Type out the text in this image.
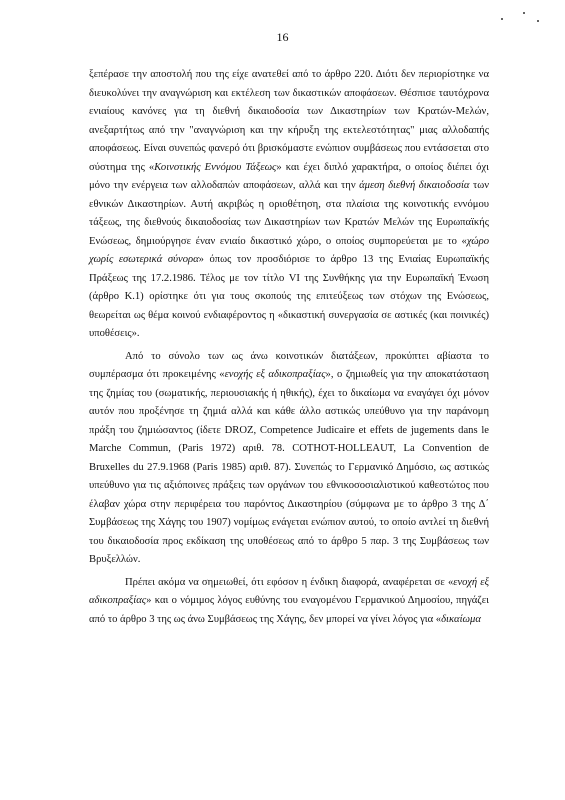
16

ξεπέρασε την αποστολή που της είχε ανατεθεί από το άρθρο 220. Διότι δεν περιορίστηκε να διευκολύνει την αναγνώριση και εκτέλεση των δικαστικών αποφάσεων. Θέσπισε ταυτόχρονα ενιαίους κανόνες για τη διεθνή δικαιοδοσία των Δικαστηρίων των Κρατών-Μελών, ανεξαρτήτως από την "αναγνώριση και την κήρυξη της εκτελεστότητας" μιας αλλοδαπής αποφάσεως. Είναι συνεπώς φανερό ότι βρισκόμαστε ενώπιον συμβάσεως που εντάσσεται στο σύστημα της «Κοινοτικής Εννόμου Τάξεως» και έχει διπλό χαρακτήρα, ο οποίος διέπει όχι μόνο την ενέργεια των αλλοδαπών αποφάσεων, αλλά και την άμεση διεθνή δικαιοδοσία των εθνικών Δικαστηρίων. Αυτή ακριβώς η οριοθέτηση, στα πλαίσια της κοινοτικής εννόμου τάξεως, της διεθνούς δικαιοδοσίας των Δικαστηρίων των Κρατών Μελών της Ευρωπαϊκής Ενώσεως, δημιούργησε έναν ενιαίο δικαστικό χώρο, ο οποίος συμπορεύεται με το «χώρο χωρίς εσωτερικά σύνορα» όπως τον προσδιόρισε το άρθρο 13 της Ενιαίας Ευρωπαϊκής Πράξεως της 17.2.1986. Τέλος με τον τίτλο VI της Συνθήκης για την Ευρωπαϊκή Ένωση (άρθρο Κ.1) ορίστηκε ότι για τους σκοπούς της επιτεύξεως των στόχων της Ενώσεως, θεωρείται ως θέμα κοινού ενδιαφέροντος η «δικαστική συνεργασία σε αστικές (και ποινικές) υποθέσεις».

Από το σύνολο των ως άνω κοινοτικών διατάξεων, προκύπτει αβίαστα το συμπέρασμα ότι προκειμένης «ενοχής εξ αδικοπραξίας», ο ζημιωθείς για την αποκατάσταση της ζημίας του (σωματικής, περιουσιακής ή ηθικής), έχει το δικαίωμα να εναγάγει όχι μόνον αυτόν που προξένησε τη ζημιά αλλά και κάθε άλλο αστικώς υπεύθυνο για την παράνομη πράξη του ζημιώσαντος (ίδετε DROZ, Competence Judicaire et effets de jugements dans le Marche Commun, (Paris 1972) αριθ. 78. COTHOT-HOLLEAUT, La Convention de Bruxelles du 27.9.1968 (Paris 1985) αριθ. 87). Συνεπώς το Γερμανικό Δημόσιο, ως αστικώς υπεύθυνο για τις αξιόποινες πράξεις των οργάνων του εθνικοσοσιαλιστικού καθεστώτος που έλαβαν χώρα στην περιφέρεια του παρόντος Δικαστηρίου (σύμφωνα με το άρθρο 3 της Δ΄ Συμβάσεως της Χάγης του 1907) νομίμως ενάγεται ενώπιον αυτού, το οποίο αντλεί τη διεθνή του δικαιοδοσία προς εκδίκαση της υποθέσεως από το άρθρο 5 παρ. 3 της Συμβάσεως των Βρυξελλών.

Πρέπει ακόμα να σημειωθεί, ότι εφόσον η ένδικη διαφορά, αναφέρεται σε «ενοχή εξ αδικοπραξίας» και ο νόμιμος λόγος ευθύνης του εναγομένου Γερμανικού Δημοσίου, πηγάζει από το άρθρο 3 της ως άνω Συμβάσεως της Χάγης, δεν μπορεί να γίνει λόγος για «δικαίωμα
